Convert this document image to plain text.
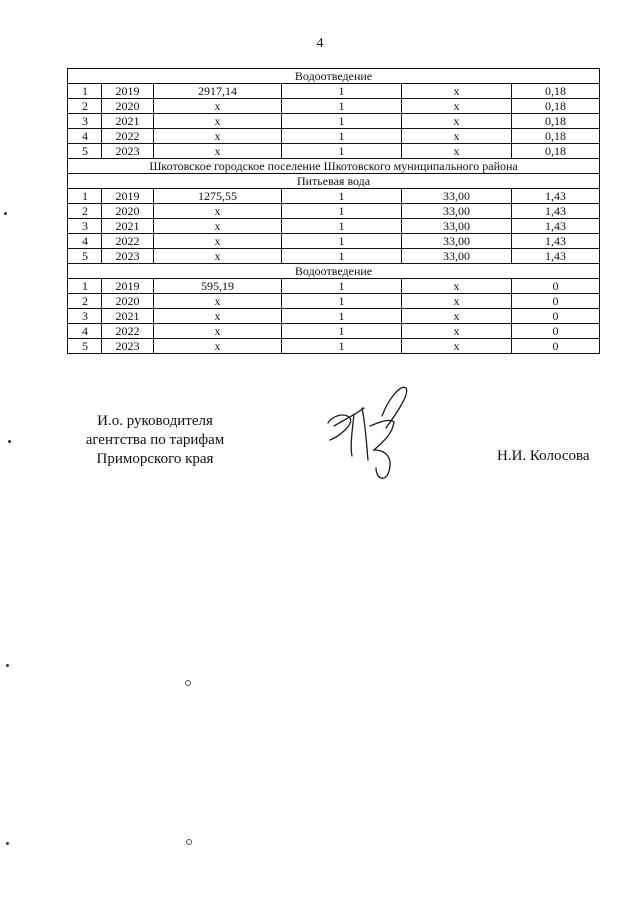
4
Водоотведение					
1	2019	2917,14	1	x	0,18
2	2020	x	1	x	0,18
3	2021	x	1	x	0,18
4	2022	x	1	x	0,18
5	2023	x	1	x	0,18
Шкотовское городское поселение Шкотовского муниципального района					
Питьевая вода					
1	2019	1275,55	1	33,00	1,43
2	2020	x	1	33,00	1,43
3	2021	x	1	33,00	1,43
4	2022	x	1	33,00	1,43
5	2023	x	1	33,00	1,43
Водоотведение					
1	2019	595,19	1	x	0
2	2020	x	1	x	0
3	2021	x	1	x	0
4	2022	x	1	x	0
5	2023	x	1	x	0
И.о. руководителя
агентства по тарифам
Приморского края	Н.И. Колосова
